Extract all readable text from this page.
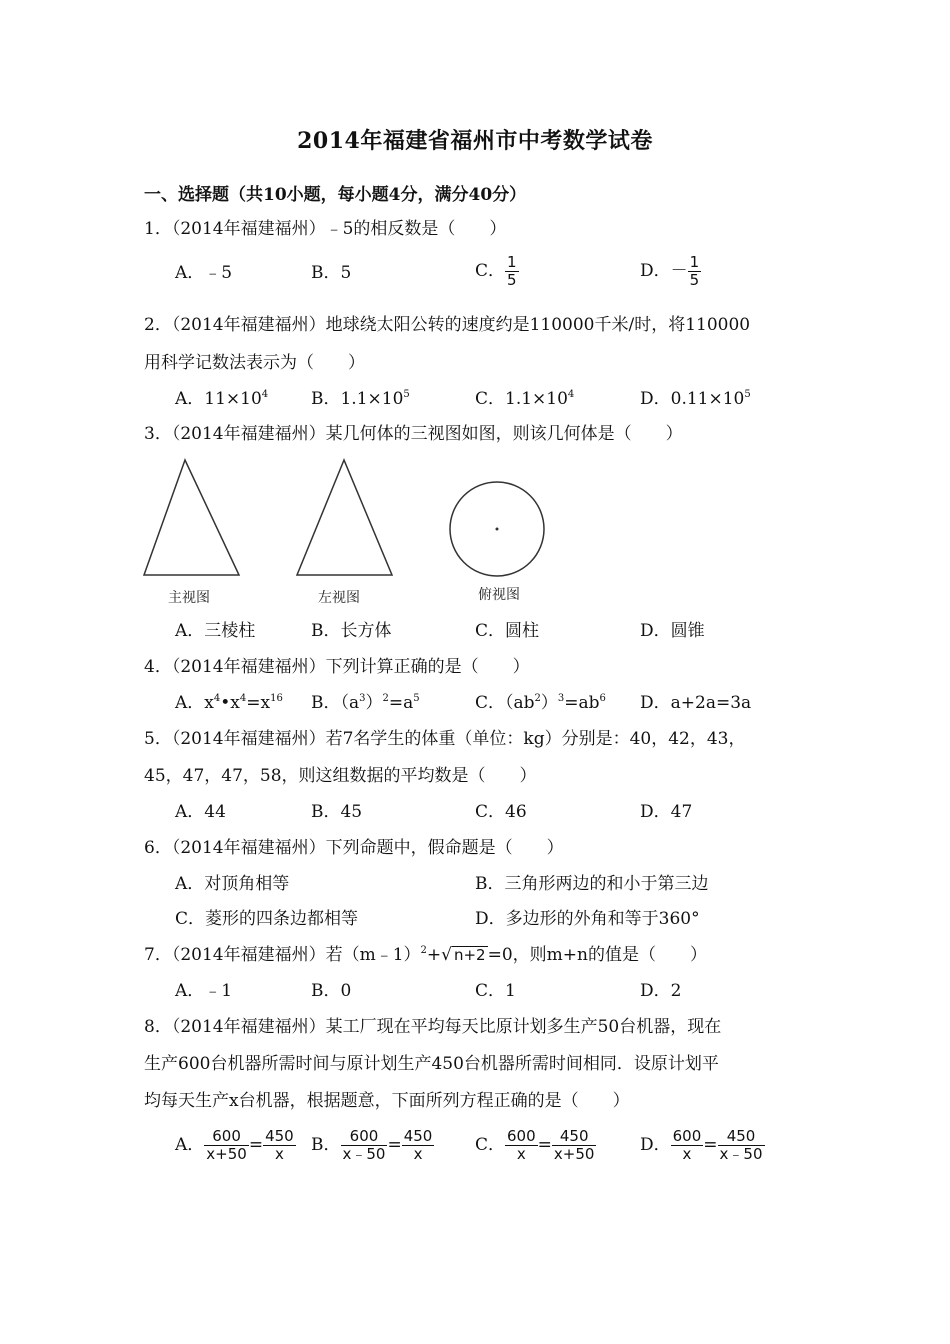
2014年福建省福州市中考数学试卷
一、选择题（共10小题，每小题4分，满分40分）
1．（2014年福建福州）﹣5的相反数是（　　）
A．﹣5	B．5	C． $\frac{1}{5}$	D．－ $\frac{1}{5}$
2．（2014年福建福州）地球绕太阳公转的速度约是110000千米/时，将110000
用科学记数法表示为（　　）
A．$11\times 10^4$	B．$1.1\times 10^5$	C．$1.1\times 10^4$	D．$0.11\times 10^5$
3．（2014年福建福州）某几何体的三视图如图，则该几何体是（　　）
主视图	左视图	俯视图
A．三棱柱	B．长方体	C．圆柱	D．圆锥
4．（2014年福建福州）下列计算正确的是（　　）
A．$x^4•x^4=x^{16}$ B．$(a^3)^2=a^5$	C．$(ab^2)^3=ab^6$ D．a+2a=3a
5．（2014年福建福州）若7名学生的体重（单位：kg）分别是：40，42，43，
45，47，47，58，则这组数据的平均数是（　　）
A．44	B．45	C．46	D．47
6．（2014年福建福州）下列命题中，假命题是（　　）
A．对顶角相等	B．三角形两边的和小于第三边
C．菱形的四条边都相等	D．多边形的外角和等于360°
7．（2014年福建福州）若（m﹣1）$^2$+√ n+2 =0，则m+n的值是（　　）
A．﹣1	B．0	C．1	D．2
8．（2014年福建福州）某工厂现在平均每天比原计划多生产50台机器，现在
生产600台机器所需时间与原计划生产450台机器所需时间相同．设原计划平
均每天生产x台机器，根据题意，下面所列方程正确的是（　　）
A． $\frac{600}{x+50} = \frac{450}{x}$ B． $\frac{600}{x﹣50} = \frac{450}{x}$ C． $\frac{600}{x} = \frac{450}{x+50}$	D． $\frac{600}{x} = \frac{450}{x﹣50}$
